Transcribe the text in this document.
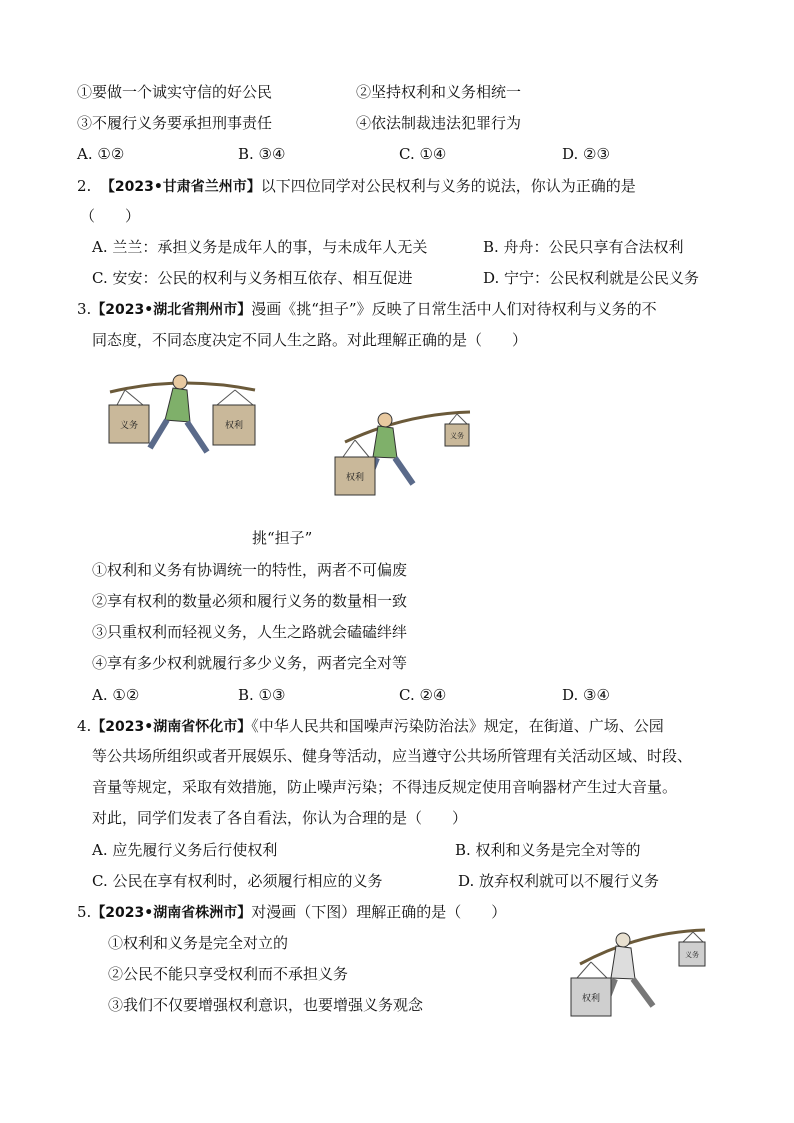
①要做一个诚实守信的好公民	②坚持权利和义务相统一
③不履行义务要承担刑事责任	④依法制裁违法犯罪行为
A. ①②	B. ③④	C. ①④	D. ②③
2. 【2023•甘肃省兰州市】以下四位同学对公民权利与义务的说法，你认为正确的是
（　　）
A. 兰兰：承担义务是成年人的事，与未成年人无关	B. 舟舟：公民只享有合法权利
C. 安安：公民的权利与义务相互依存、相互促进	D. 宁宁：公民权利就是公民义务
3.【2023•湖北省荆州市】漫画《挑“担子”》反映了日常生活中人们对待权利与义务的不
同态度，不同态度决定不同人生之路。对此理解正确的是（　　）
义务	权利
权利
义务
挑“担子”
①权利和义务有协调统一的特性，两者不可偏废
②享有权利的数量必须和履行义务的数量相一致
③只重权利而轻视义务，人生之路就会磕磕绊绊
④享有多少权利就履行多少义务，两者完全对等
A. ①②	B. ①③	C. ②④	D. ③④
4.【2023•湖南省怀化市】《中华人民共和国噪声污染防治法》规定，在街道、广场、公园
等公共场所组织或者开展娱乐、健身等活动，应当遵守公共场所管理有关活动区域、时段、
音量等规定，采取有效措施，防止噪声污染；不得违反规定使用音响器材产生过大音量。
对此，同学们发表了各自看法，你认为合理的是（　　）
A. 应先履行义务后行使权利	B. 权利和义务是完全对等的
C. 公民在享有权利时，必须履行相应的义务	D. 放弃权利就可以不履行义务
5.【2023•湖南省株洲市】对漫画（下图）理解正确的是（　　）
①权利和义务是完全对立的
②公民不能只享受权利而不承担义务
③我们不仅要增强权利意识，也要增强义务观念	权利
义务
